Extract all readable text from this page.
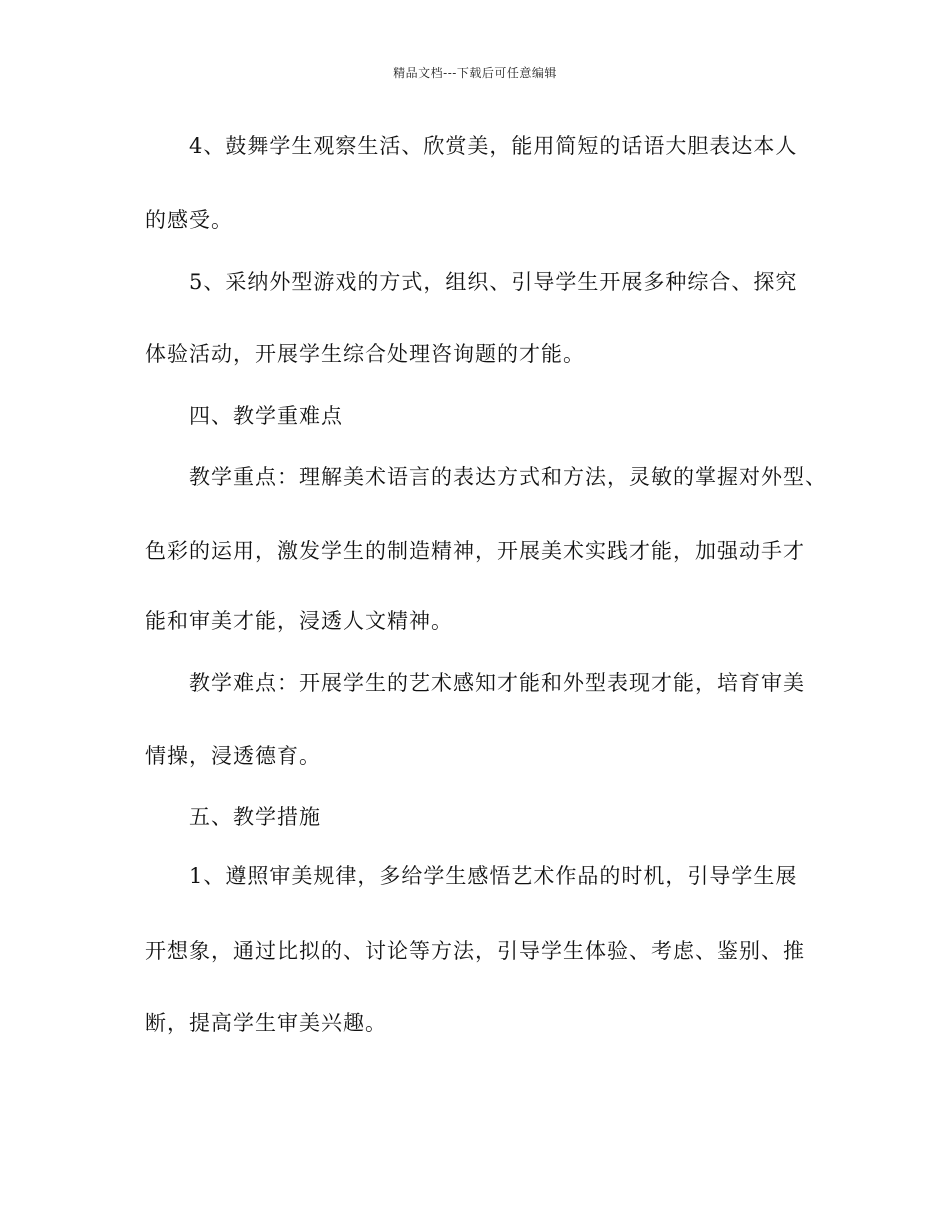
精品文档---下载后可任意编辑
4、鼓舞学生观察生活、欣赏美，能用简短的话语大胆表达本人
的感受。
5、采纳外型游戏的方式，组织、引导学生开展多种综合、探究
体验活动，开展学生综合处理咨询题的才能。
四、教学重难点
教学重点：理解美术语言的表达方式和方法，灵敏的掌握对外型、
色彩的运用，激发学生的制造精神，开展美术实践才能，加强动手才
能和审美才能，浸透人文精神。
教学难点：开展学生的艺术感知才能和外型表现才能，培育审美
情操，浸透德育。
五、教学措施
1、遵照审美规律，多给学生感悟艺术作品的时机，引导学生展
开想象，通过比拟的、讨论等方法，引导学生体验、考虑、鉴别、推
断，提高学生审美兴趣。
